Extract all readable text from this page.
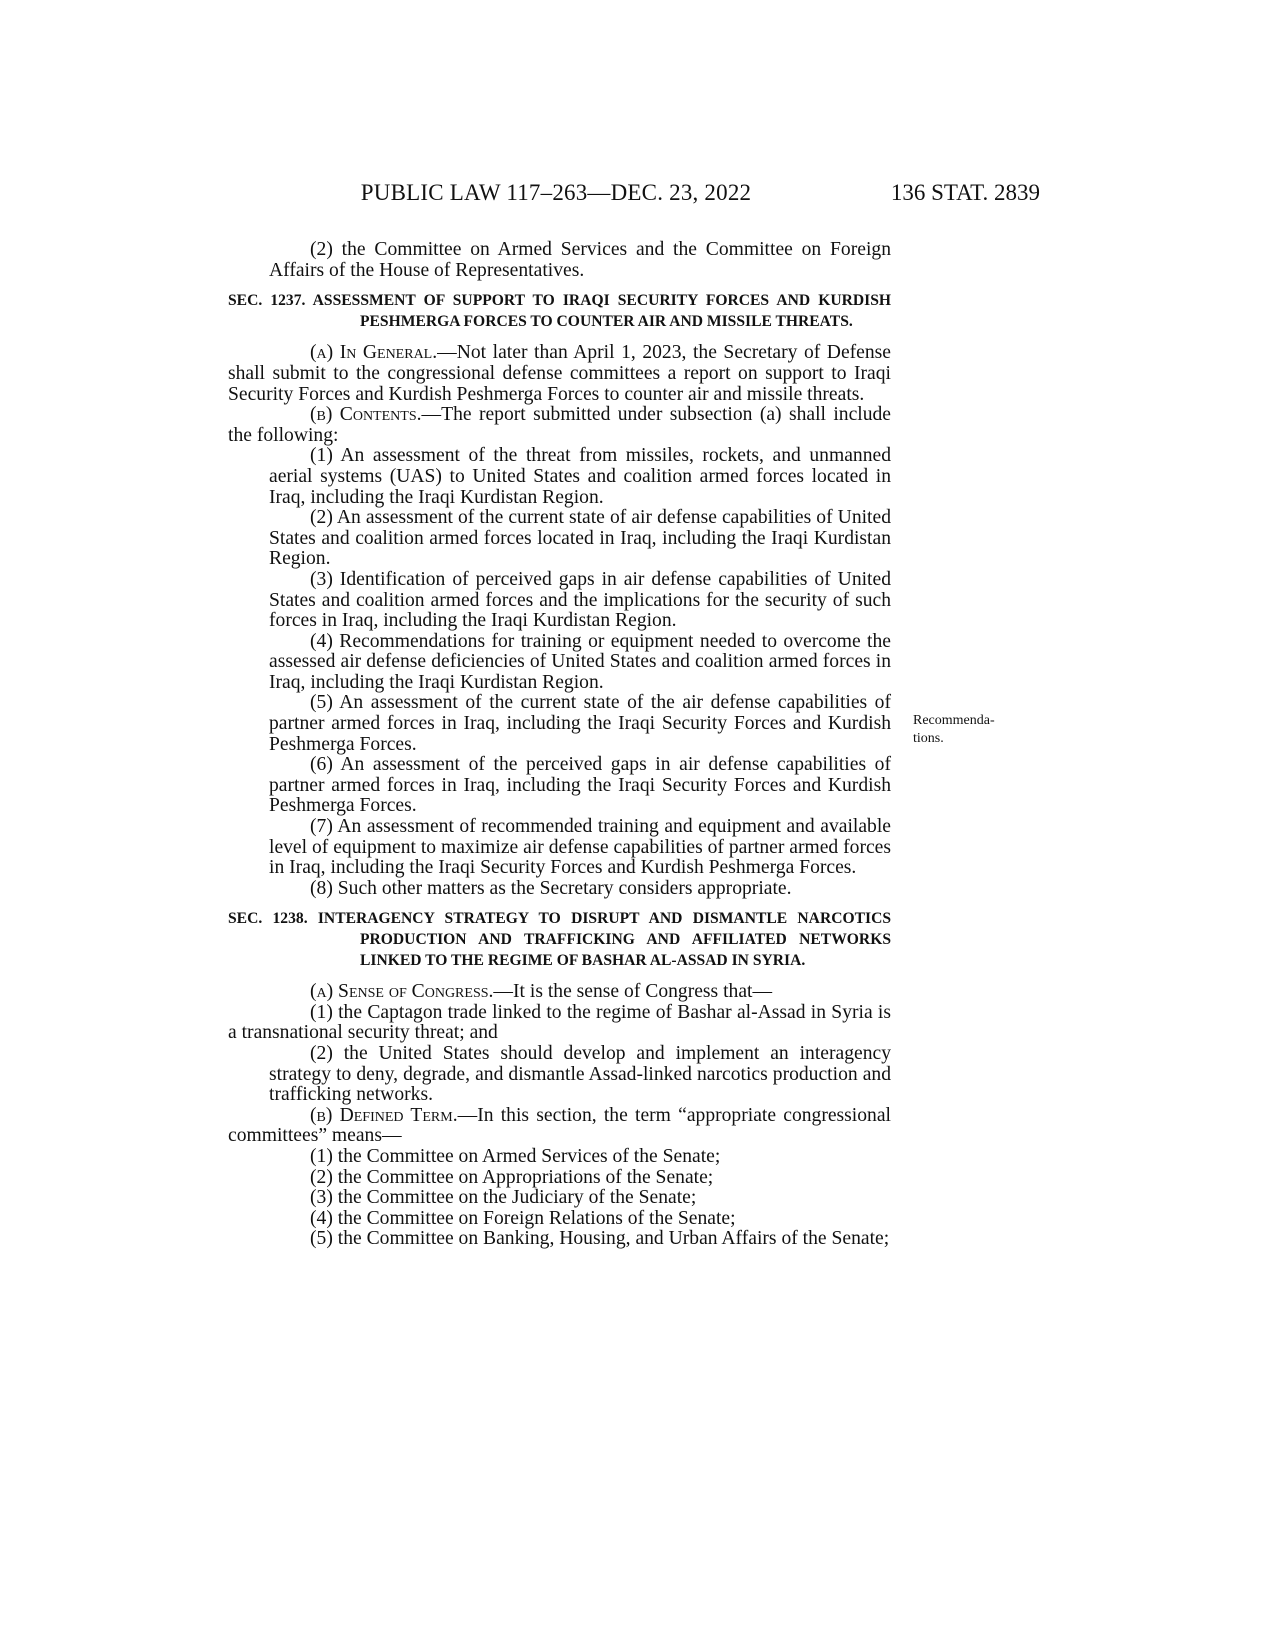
PUBLIC LAW 117–263—DEC. 23, 2022	136 STAT. 2839
Recommenda-
tions.

(2) the Committee on Armed Services and the Committee on Foreign Affairs of the House of Representatives.

SEC. 1237. ASSESSMENT OF SUPPORT TO IRAQI SECURITY FORCES AND KURDISH PESHMERGA FORCES TO COUNTER AIR AND MISSILE THREATS.

(a) In General.—Not later than April 1, 2023, the Secretary of Defense shall submit to the congressional defense committees a report on support to Iraqi Security Forces and Kurdish Peshmerga Forces to counter air and missile threats.

(b) Contents.—The report submitted under subsection (a) shall include the following:

(1) An assessment of the threat from missiles, rockets, and unmanned aerial systems (UAS) to United States and coalition armed forces located in Iraq, including the Iraqi Kurdistan Region.

(2) An assessment of the current state of air defense capabilities of United States and coalition armed forces located in Iraq, including the Iraqi Kurdistan Region.

(3) Identification of perceived gaps in air defense capabilities of United States and coalition armed forces and the implications for the security of such forces in Iraq, including the Iraqi Kurdistan Region.

(4) Recommendations for training or equipment needed to overcome the assessed air defense deficiencies of United States and coalition armed forces in Iraq, including the Iraqi Kurdistan Region.

(5) An assessment of the current state of the air defense capabilities of partner armed forces in Iraq, including the Iraqi Security Forces and Kurdish Peshmerga Forces.

(6) An assessment of the perceived gaps in air defense capabilities of partner armed forces in Iraq, including the Iraqi Security Forces and Kurdish Peshmerga Forces.

(7) An assessment of recommended training and equipment and available level of equipment to maximize air defense capabilities of partner armed forces in Iraq, including the Iraqi Security Forces and Kurdish Peshmerga Forces.

(8) Such other matters as the Secretary considers appropriate.

SEC. 1238. INTERAGENCY STRATEGY TO DISRUPT AND DISMANTLE NARCOTICS PRODUCTION AND TRAFFICKING AND AFFILIATED NETWORKS LINKED TO THE REGIME OF BASHAR AL-ASSAD IN SYRIA.

(a) Sense of Congress.—It is the sense of Congress that—

(1) the Captagon trade linked to the regime of Bashar al-Assad in Syria is a transnational security threat; and

(2) the United States should develop and implement an interagency strategy to deny, degrade, and dismantle Assad-linked narcotics production and trafficking networks.

(b) Defined Term.—In this section, the term “appropriate congressional committees” means—

(1) the Committee on Armed Services of the Senate;

(2) the Committee on Appropriations of the Senate;

(3) the Committee on the Judiciary of the Senate;

(4) the Committee on Foreign Relations of the Senate;

(5) the Committee on Banking, Housing, and Urban Affairs of the Senate;
